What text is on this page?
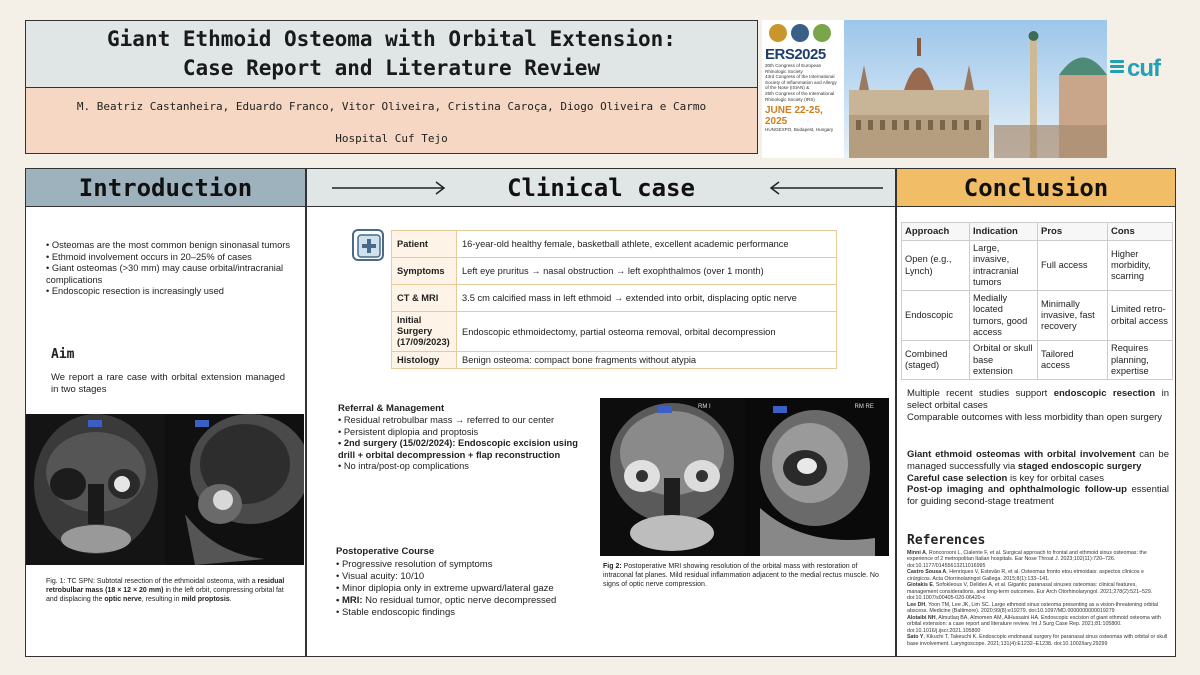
Giant Ethmoid Osteoma with Orbital Extension:
Case Report and Literature Review
M. Beatriz Castanheira, Eduardo Franco, Vitor Oliveira, Cristina Caroça, Diogo Oliveira e Carmo
Hospital Cuf Tejo
ERS2025
30th Congress of European Rhinologic Society
43rd Congress of the International Society of Inflammation and Allergy of the Nose (ISIAN) &
25th Congress of the International Rhinologic Society (IRS)
JUNE 22-25, 2025
HUNGEXPO, Budapest, Hungary
cuf
Introduction
• Osteomas are the most common benign sinonasal tumors
• Ethmoid involvement occurs in 20–25% of cases
• Giant osteomas (>30 mm) may cause orbital/intracranial complications
• Endoscopic resection is increasingly used
Aim
We report a rare case with orbital extension managed in two stages
Fig. 1: TC SPN: Subtotal resection of the ethmoidal osteoma, with a residual retrobulbar mass (18 × 12 × 20 mm) in the left orbit, compressing orbital fat and displacing the optic nerve, resulting in mild proptosis.
Clinical case
Patient	16-year-old healthy female, basketball athlete, excellent academic performance
Symptoms	Left eye pruritus → nasal obstruction → left exophthalmos (over 1 month)
CT & MRI	3.5 cm calcified mass in left ethmoid → extended into orbit, displacing optic nerve
Initial Surgery (17/09/2023)	Endoscopic ethmoidectomy, partial osteoma removal, orbital decompression
Histology	Benign osteoma: compact bone fragments without atypia
Referral & Management
• Residual retrobulbar mass → referred to our center
• Persistent diplopia and proptosis
• 2nd surgery (15/02/2024): Endoscopic excision using drill + orbital decompression + flap reconstruction
• No intra/post-op complications
Postoperative Course
• Progressive resolution of symptoms
• Visual acuity: 10/10
• Minor diplopia only in extreme upward/lateral gaze
• MRI: No residual tumor, optic nerve decompressed
• Stable endoscopic findings
RM I	RM RE
Fig 2: Postoperative MRI showing resolution of the orbital mass with restoration of intraconal fat planes. Mild residual inflammation adjacent to the medial rectus muscle. No signs of optic nerve compression.
Conclusion
Approach	Indication	Pros	Cons
Open (e.g., Lynch)	Large, invasive, intracranial tumors	Full access	Higher morbidity, scarring
Endoscopic	Medially located tumors, good access	Minimally invasive, fast recovery	Limited retro-orbital access
Combined (staged)	Orbital or skull base extension	Tailored access	Requires planning, expertise
Multiple recent studies support endoscopic resection in select orbital cases
Comparable outcomes with less morbidity than open surgery
Giant ethmoid osteomas with orbital involvement can be managed successfully via staged endoscopic surgery
Careful case selection is key for orbital cases
Post-op imaging and ophthalmologic follow-up essential for guiding second-stage treatment
References

Minni A, Roncorooni L, Cialente F, et al. Surgical approach to frontal and ethmoid sinus osteomas: the experience of 2 metropolitan Italian hospitals. Ear Nose Throat J. 2023;102(11):720–726. doi:10.1177/01455613211016995

Castro Sousa A, Henriques V, Estevão R, et al. Osteomas fronto etou etmoidais: aspectos clínicos e cirúrgicos. Acta Otorrinolaringol Gallega. 2015;8(1):133–141.

Giotakis E, Sofokleous V, Delides A, et al. Gigantic paranasal sinuses osteomas: clinical features, management considerations, and long-term outcomes. Eur Arch Otorhinolaryngol. 2021;278(2):521–529. doi:10.1007/s00405-020-06420-x

Lee DH, Yoon TM, Lee JK, Lim SC. Large ethmoid sinus osteoma presenting as a vision-threatening orbital abscess. Medicine (Baltimore). 2020;99(8):e19279. doi:10.1097/MD.0000000000019279

Alotaibi NH, Almutlaq BA, Almomen AM, AlHussaini HA. Endoscopic excision of giant ethmoid osteoma with orbital extension: a case report and literature review. Int J Surg Case Rep. 2021;81:105800. doi:10.1016/j.ijscr.2021.105800

Sato Y, Kikuchi T, Takeuchi K. Endoscopic endonasal surgery for paranasal sinus osteomas with orbital or skull base involvement. Laryngoscope. 2021;131(4):E1232–E1238. doi:10.1002/lary.29299
